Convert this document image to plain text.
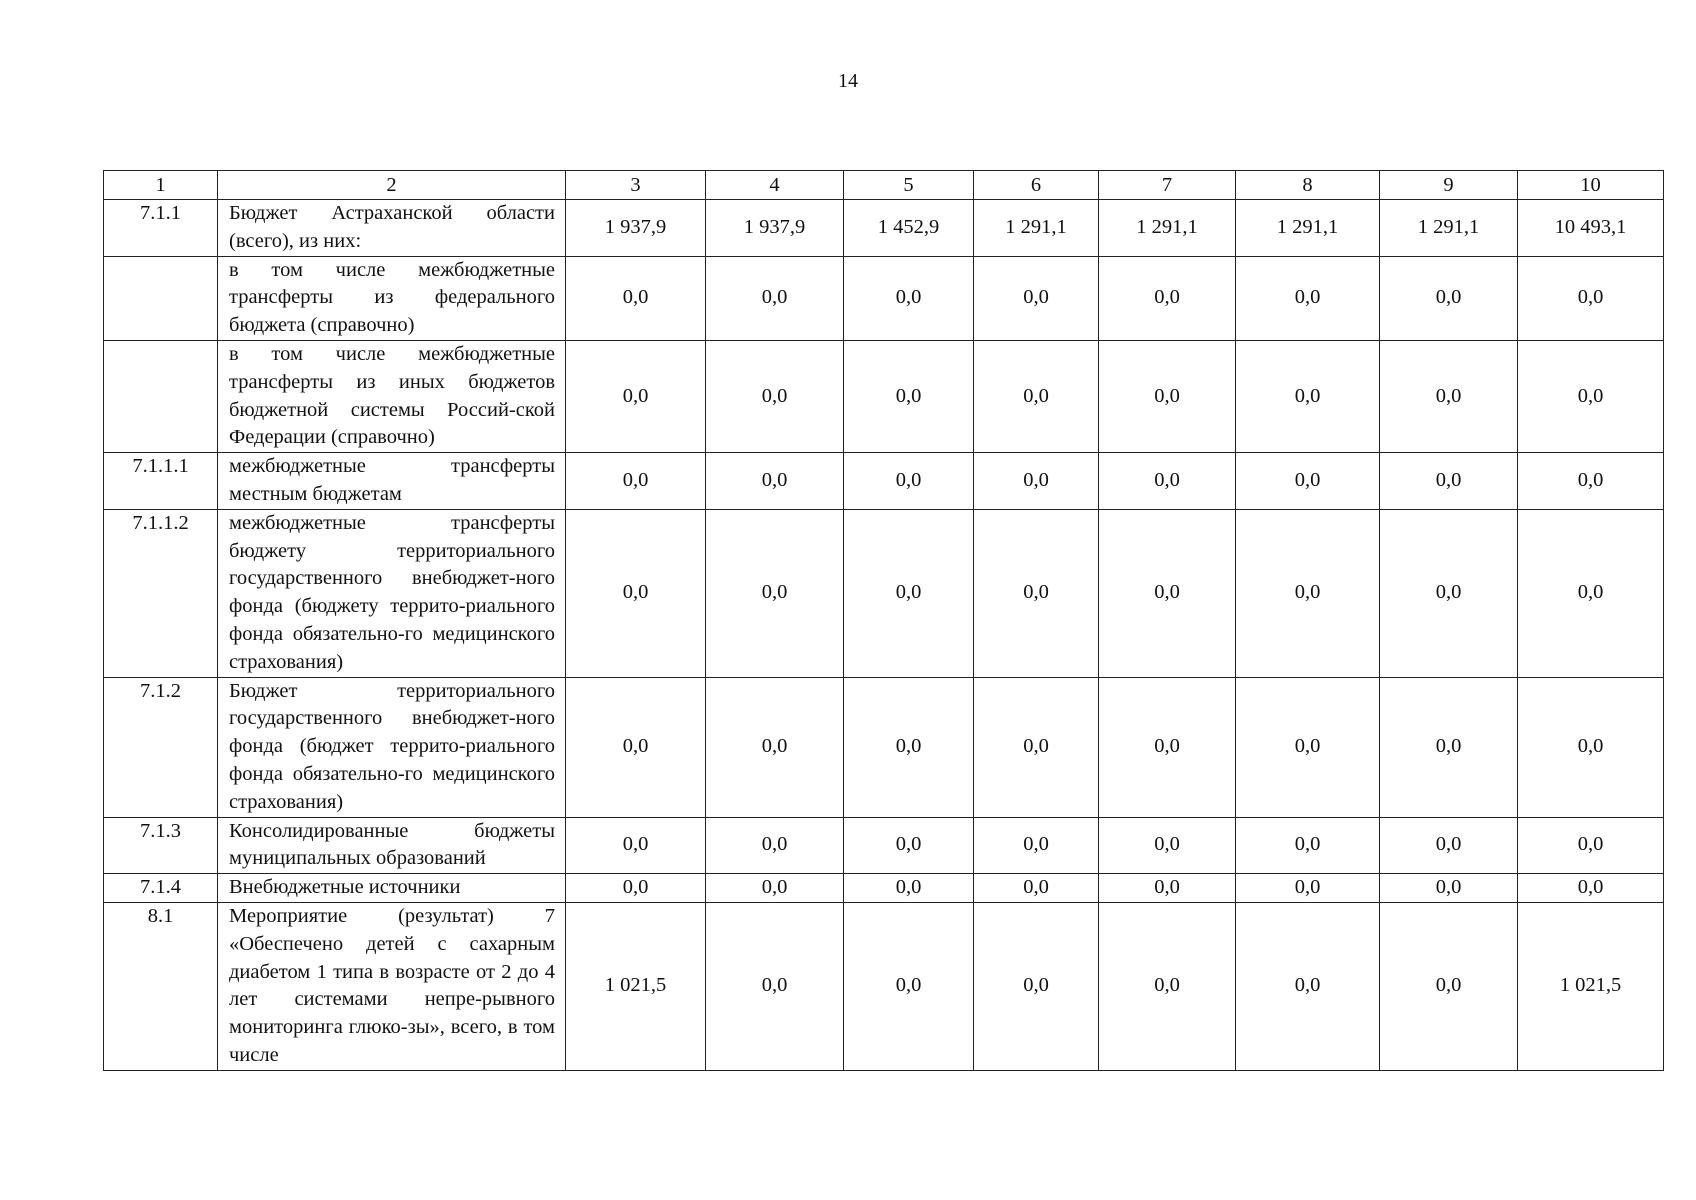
14
1	2	3	4	5	6	7	8	9	10
7.1.1	Бюджет Астраханской области (всего), из них:	1 937,9	1 937,9	1 452,9	1 291,1	1 291,1	1 291,1	1 291,1	10 493,1
	в том числе межбюджетные трансферты из федерального бюджета (справочно)	0,0	0,0	0,0	0,0	0,0	0,0	0,0	0,0
	в том числе межбюджетные трансферты из иных бюджетов бюджетной системы Россий-ской Федерации (справочно)	0,0	0,0	0,0	0,0	0,0	0,0	0,0	0,0
7.1.1.1	межбюджетные трансферты местным бюджетам	0,0	0,0	0,0	0,0	0,0	0,0	0,0	0,0
7.1.1.2	межбюджетные трансферты бюджету территориального государственного внебюджет-ного фонда (бюджету террито-риального фонда обязательно-го медицинского страхования)	0,0	0,0	0,0	0,0	0,0	0,0	0,0	0,0
7.1.2	Бюджет территориального государственного внебюджет-ного фонда (бюджет террито-риального фонда обязательно-го медицинского страхования)	0,0	0,0	0,0	0,0	0,0	0,0	0,0	0,0
7.1.3	Консолидированные бюджеты муниципальных образований	0,0	0,0	0,0	0,0	0,0	0,0	0,0	0,0
7.1.4	Внебюджетные источники	0,0	0,0	0,0	0,0	0,0	0,0	0,0	0,0
8.1	Мероприятие (результат) 7 «Обеспечено детей с сахарным диабетом 1 типа в возрасте от 2 до 4 лет системами непре-рывного мониторинга глюко-зы», всего, в том числе	1 021,5	0,0	0,0	0,0	0,0	0,0	0,0	1 021,5
